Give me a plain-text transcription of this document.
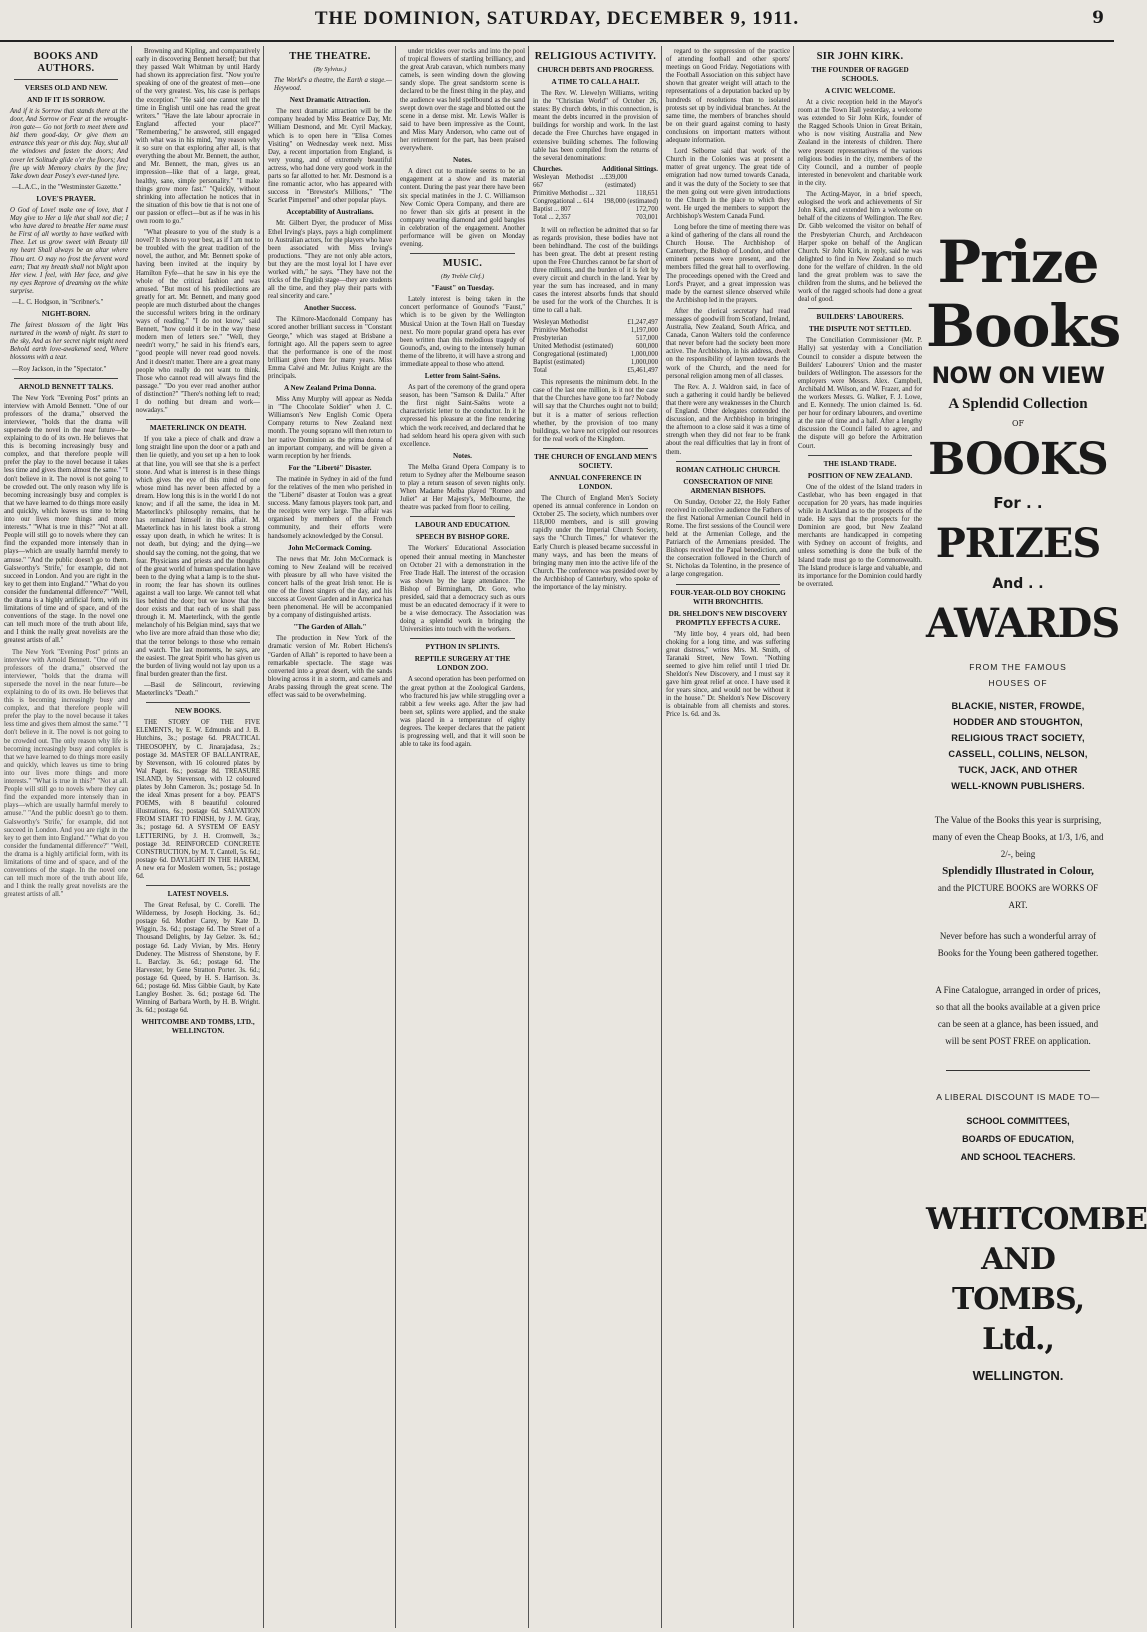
THE DOMINION, SATURDAY, DECEMBER 9, 1911.	9
BOOKS AND AUTHORS.
VERSES OLD AND NEW.
AND IF IT IS SORROW.

And if it is Sorrow that stands there at the door, And Sorrow or Fear at the wrought-iron gate— Go not forth to meet them and bid them good-day, Or give them an entrance this year or this day. Nay, shut all the windows and fasten the doors; And cover let Solitude glide o'er the floors; And fire up with Memory chairs by the fire; Take down dear Posey's ever-tuned lyre.

—L.A.C., in the "Westminster Gazette."

LOVE'S PRAYER.

O God of Love! make one of love, that I May give to Her a life that shall not die; I who have dared to breathe Her name must be First of all worthy to have walked with Thee. Let us grow sweet with Beauty till my heart Shall always be an altar where Thou art. O may no frost the fervent word earn; That my breath shall not blight upon Her view. I feel, with Her face, and give my eyes Reprove of dreaming on the white surprise.

—L. C. Hodgson, in "Scribner's."

NIGHT-BORN.

The fairest blossom of the light Was nurtured in the womb of night. Its start to the sky, And as her secret night might need Behold earth love-awakened seed, Where blossoms with a tear.

—Roy Jackson, in the "Spectator."

ARNOLD BENNETT TALKS.

The New York "Evening Post" prints an interview with Arnold Bennett. "One of our professors of the drama," observed the interviewer, "holds that the drama will supersede the novel in the near future—be explaining to do of its own. He believes that this is becoming increasingly busy and complex, and that therefore people will prefer the play to the novel because it takes less time and gives them almost the same." "I don't believe in it. The novel is not going to be crowded out. The only reason why life is becoming increasingly busy and complex is that we have learned to do things more easily and quickly, which leaves us time to bring into our lives more things and more interests." "What is true in this?" "Not at all. People will still go to novels where they can find the expanded more intensely than in plays—which are usually harmful merely to amuse." "And the public doesn't go to them. Galsworthy's 'Strife,' for example, did not succeed in London. And you are right in the key to get them into England." "What do you consider the fundamental difference?" "Well, the drama is a highly artificial form, with its limitations of time and of space, and of the conventions of the stage. In the novel one can tell much more of the truth about life, and I think the really great novelists are the greatest artists of all."

The New York "Evening Post" prints an interview with Arnold Bennett. "One of our professors of the drama," observed the interviewer, "holds that the drama will supersede the novel in the near future—be explaining to do of its own. He believes that this is becoming increasingly busy and complex, and that therefore people will prefer the play to the novel because it takes less time and gives them almost the same." "I don't believe in it. The novel is not going to be crowded out. The only reason why life is becoming increasingly busy and complex is that we have learned to do things more easily and quickly, which leaves us time to bring into our lives more things and more interests." "What is true in this?" "Not at all. People will still go to novels where they can find the expanded more intensely than in plays—which are usually harmful merely to amuse." "And the public doesn't go to them. Galsworthy's 'Strife,' for example, did not succeed in London. And you are right in the key to get them into England." "What do you consider the fundamental difference?" "Well, the drama is a highly artificial form, with its limitations of time and of space, and of the conventions of the stage. In the novel one can tell much more of the truth about life, and I think the really great novelists are the greatest artists of all."

Browning and Kipling, and comparatively early in discovering Bennett herself; but that they passed Walt Whitman by until Hardy had shown its appreciation first. "Now you're speaking of one of the greatest of men—one of the very greatest. Yes, his case is perhaps the exception." "He said one cannot tell the time in English until one has read the great writers." "Have the late labour aprocraie in England affected your place?" "Remembering," he answered, still engaged with what was in his mind, "my reason why it so sure on that exploring after all, is that everything the about Mr. Bennett, the author, and Mr. Bennett, the man, gives us an impression—like that of a large, great, healthy, sane, simple personality." "I make things grow more fast." "Quickly, without shrinking into affectation he notices that in the situation of this bow tie that is not one of our passion or effect—but as if he was in his own room to go."

"What pleasure to you of the study is a novel? It shows to your best, as if I am not to be troubled with the great tradition of the novel, the author, and Mr. Bennett spoke of having been invited at the inquiry by Hamilton Fyfe—that he saw in his eye the whole of the critical fashion and was amused. "But most of his predilections are greatly for art. Mr. Bennett, and many good people are much disturbed about the changes the successful writers bring in the ordinary ways of reading." "I do not know," said Bennett, "how could it be in the way these modern men of letters see." "Well, they needn't worry," he said in his friend's ears, "good people will never read good novels. And it doesn't matter. There are a great many people who really do not want to think. Those who cannot read will always find the passage." "Do you ever read another author of distinction?" "There's nothing left to read; I do nothing but dream and work—nowadays."

MAETERLINCK ON DEATH.

If you take a piece of chalk and draw a long straight line upon the door or a path and then lie quietly, and you set up a hen to look at that line, you will see that she is a perfect stone. And what is interest is in these things which gives the eye of this mind of one whose mind has never been affected by a dream. How long this is in the world I do not know; and if all the same, the idea in M. Maeterlinck's philosophy remains, that he has remained himself in this affair. M. Maeterlinck has in his latest book a strong essay upon death, in which he writes: It is not death, but dying; and the dying—we should say the coming, not the going, that we fear. Physicians and priests and the thoughts of the great world of human speculation have been to the dying what a lamp is to the shut-in room; the fear has shown its outlines against a wall too large. We cannot tell what lies behind the door; but we know that the door exists and that each of us shall pass through it. M. Maeterlinck, with the gentle melancholy of his Belgian mind, says that we who live are more afraid than those who die; that the terror belongs to those who remain and watch. The last moments, he says, are the easiest. The great Spirit who has given us the burden of living would not lay upon us a final burden greater than the first.

—Basil de Sélincourt, reviewing Maeterlinck's "Death."

NEW BOOKS.

THE STORY OF THE FIVE ELEMENTS, by E. W. Edmunds and J. B. Hutchins, 3s.; postage 6d. PRACTICAL THEOSOPHY, by C. Jinarajadasa, 2s.; postage 3d. MASTER OF BALLANTRAE, by Stevenson, with 16 coloured plates by Wal Paget. 6s.; postage 8d. TREASURE ISLAND, by Stevenson, with 12 coloured plates by John Cameron. 3s.; postage 5d. In the ideal Xmas present for a boy. PEAT'S POEMS, with 8 beautiful coloured illustrations, 6s.; postage 6d. SALVATION FROM START TO FINISH, by J. M. Gray, 3s.; postage 6d. A SYSTEM OF EASY LETTERING, by J. H. Cromwell, 3s.; postage 3d. REINFORCED CONCRETE CONSTRUCTION, by M. T. Cantell, 5s. 6d.; postage 6d. DAYLIGHT IN THE HAREM, A new era for Moslem women, 5s.; postage 6d.

LATEST NOVELS.

The Great Refusal, by C. Corelli. The Wilderness, by Joseph Hocking. 3s. 6d.; postage 6d. Mother Carey, by Kate D. Wiggin, 3s. 6d.; postage 6d. The Street of a Thousand Delights, by Jay Gelzer. 3s. 6d.; postage 6d. Lady Vivian, by Mrs. Henry Dudeney. The Mistress of Shenstone, by F. L. Barclay. 3s. 6d.; postage 6d. The Harvester, by Gene Stratton Porter. 3s. 6d.; postage 6d. Queed, by H. S. Harrison. 3s. 6d.; postage 6d. Miss Gibbie Gault, by Kate Langley Bosher. 3s. 6d.; postage 6d. The Winning of Barbara Worth, by H. B. Wright. 3s. 6d.; postage 6d.

WHITCOMBE AND TOMBS, LTD., WELLINGTON.
THE THEATRE.
(By Sylvius.)

The World's a theatre, the Earth a stage.—Heywood.

Next Dramatic Attraction.

The next dramatic attraction will be the company headed by Miss Beatrice Day, Mr. William Desmond, and Mr. Cyril Mackay, which is to open here in "Elisa Comes Visiting" on Wednesday week next. Miss Day, a recent importation from England, is very young, and of extremely beautiful actress, who had done very good work in the parts so far allotted to her. Mr. Desmond is a fine romantic actor, who has appeared with success in "Brewster's Millions," "The Scarlet Pimpernel" and other popular plays.

Acceptability of Australians.

Mr. Gilbert Dyer, the producer of Miss Ethel Irving's plays, pays a high compliment to Australian actors, for the players who have been associated with Miss Irving's productions. "They are not only able actors, but they are the most loyal lot I have ever worked with," he says. "They have not the tricks of the English stage—they are students all the time, and they play their parts with real sincerity and care."

Another Success.

The Kilmore-Macdonald Company has scored another brilliant success in "Constant George," which was staged at Brisbane a fortnight ago. All the papers seem to agree that the performance is one of the most brilliant given there for many years. Miss Emma Calvé and Mr. Julius Knight are the principals.

A New Zealand Prima Donna.

Miss Amy Murphy will appear as Nedda in "The Chocolate Soldier" when J. C. Williamson's New English Comic Opera Company returns to New Zealand next month. The young soprano will then return to her native Dominion as the prima donna of an important company, and will be given a warm reception by her friends.

For the "Liberté" Disaster.

The matinée in Sydney in aid of the fund for the relatives of the men who perished in the "Liberté" disaster at Toulon was a great success. Many famous players took part, and the receipts were very large. The affair was organised by members of the French community, and their efforts were handsomely acknowledged by the Consul.

John McCormack Coming.

The news that Mr. John McCormack is coming to New Zealand will be received with pleasure by all who have visited the concert halls of the great Irish tenor. He is one of the finest singers of the day, and his success at Covent Garden and in America has been phenomenal. He will be accompanied by a company of distinguished artists.

"The Garden of Allah."

The production in New York of the dramatic version of Mr. Robert Hichens's "Garden of Allah" is reported to have been a remarkable spectacle. The stage was converted into a great desert, with the sands blowing across it in a storm, and camels and Arabs passing through the great scene. The effect was said to be overwhelming.

under trickles over rocks and into the pool of tropical flowers of startling brilliancy, and the great Arab caravan, which numbers many camels, is seen winding down the glowing sandy slope. The great sandstorm scene is declared to be the finest thing in the play, and the audience was held spellbound as the sand swept down over the stage and blotted out the scene in a dense mist. Mr. Lewis Waller is said to have been impressive as the Count, and Miss Mary Anderson, who came out of her retirement for the part, has been praised everywhere.

Notes.

A direct cut to matinée seems to be an engagement at a show and its material content. During the past year there have been six special matinées in the J. C. Williamson New Comic Opera Company, and there are no fewer than six girls at present in the company wearing diamond and gold bangles in celebration of the engagement. Another performance will be given on Monday evening.

MUSIC.
(By Treble Clef.)
"Faust" on Tuesday.

Lately interest is being taken in the concert performance of Gounod's "Faust," which is to be given by the Wellington Musical Union at the Town Hall on Tuesday next. No more popular grand opera has ever been written than this melodious tragedy of Gounod's, and, owing to the intensely human theme of the libretto, it will have a strong and immediate appeal to those who attend.

Letter from Saint-Saëns.

As part of the ceremony of the grand opera season, has been "Samson & Dalila." After the first night Saint-Saëns wrote a characteristic letter to the conductor. In it he expressed his pleasure at the fine rendering which the work received, and declared that he had seldom heard his opera given with such excellence.

Notes.

The Melba Grand Opera Company is to return to Sydney after the Melbourne season to play a return season of seven nights only. When Madame Melba played "Romeo and Juliet" at Her Majesty's, Melbourne, the theatre was packed from floor to ceiling.

LABOUR AND EDUCATION.
SPEECH BY BISHOP GORE.

The Workers' Educational Association opened their annual meeting in Manchester on October 21 with a demonstration in the Free Trade Hall. The interest of the occasion was shown by the large attendance. The Bishop of Birmingham, Dr. Gore, who presided, said that a democracy such as ours must be an educated democracy if it were to be a wise democracy. The Association was doing a splendid work in bringing the Universities into touch with the workers.

PYTHON IN SPLINTS.
REPTILE SURGERY AT THE LONDON ZOO.

A second operation has been performed on the great python at the Zoological Gardens, who fractured his jaw while struggling over a rabbit a few weeks ago. After the jaw had been set, splints were applied, and the snake was placed in a temperature of eighty degrees. The keeper declares that the patient is progressing well, and that it will soon be able to take its food again.

RELIGIOUS ACTIVITY.
CHURCH DEBTS AND PROGRESS.
A TIME TO CALL A HALT.

The Rev. W. Llewelyn Williams, writing in the "Christian World" of October 26, states: By church debts, in this connection, is meant the debts incurred in the provision of buildings for worship and work. In the last decade the Free Churches have engaged in extensive building schemes. The following table has been compiled from the returns of the several denominations:

Churches.	Additional Sittings.
Wesleyan Methodist ... 667
£39,000 (estimated)
Primitive Methodist ... 321	118,651
Congregational ... 614 198,000 (estimated)
Baptist ... 807	172,700
Total ... 2,357	703,001

It will on reflection be admitted that so far as regards provision, these bodies have not been behindhand. The cost of the buildings has been great. The debt at present resting upon the Free Churches cannot be far short of three millions, and the burden of it is felt by every circuit and church in the land. Year by year the sum has increased, and in many cases the interest absorbs funds that should be used for the work of the Churches. It is time to call a halt.

Wesleyan Methodist	£1,247,497
Primitive Methodist	1,197,000
Presbyterian	517,000
United Methodist (estimated)	600,000
Congregational (estimated)	1,000,000
Baptist (estimated)	1,000,000
Total	£5,461,497

This represents the minimum debt. In the case of the last one million, is it not the case that the Churches have gone too far? Nobody will say that the Churches ought not to build; but it is a matter of serious reflection whether, by the provision of too many buildings, we have not crippled our resources for the real work of the Kingdom.

THE CHURCH OF ENGLAND MEN'S SOCIETY.
ANNUAL CONFERENCE IN LONDON.

The Church of England Men's Society opened its annual conference in London on October 25. The society, which numbers over 118,000 members, and is still growing rapidly under the Imperial Church Society, says the "Church Times," for whatever the Early Church is pleased became successful in many ways, and has been the means of bringing many men into the active life of the Church. The conference was presided over by the Archbishop of Canterbury, who spoke of the importance of the lay ministry.

regard to the suppression of the practice of attending football and other sports' meetings on Good Friday. Negotiations with the Football Association on this subject have shown that greater weight will attach to the representations of a deputation backed up by hundreds of resolutions than to isolated protests set up by individual branches. At the same time, the members of branches should be on their guard against coming to hasty conclusions on important matters without adequate information.

Lord Selborne said that work of the Church in the Colonies was at present a matter of great urgency. The great tide of emigration had now turned towards Canada, and it was the duty of the Society to see that the men going out were given introductions to the Church in the place to which they went. He urged the members to support the Archbishop's Western Canada Fund.

Long before the time of meeting there was a kind of gathering of the clans all round the Church House. The Archbishop of Canterbury, the Bishop of London, and other eminent persons were present, and the members filled the great hall to overflowing. The proceedings opened with the Creed and Lord's Prayer, and a great impression was made by the earnest silence observed while the Archbishop led in the prayers.

After the clerical secretary had read messages of goodwill from Scotland, Ireland, Australia, New Zealand, South Africa, and Canada, Canon Walters told the conference that never before had the society been more active. The Archbishop, in his address, dwelt on the responsibility of laymen towards the work of the Church, and the need for personal religion among men of all classes.

The Rev. A. J. Waldron said, in face of such a gathering it could hardly be believed that there were any weaknesses in the Church of England. Other delegates contended the discussion, and the Archbishop in bringing the afternoon to a close said it was a time of strength when they did not fear to be frank about the real difficulties that lay in front of them.

ROMAN CATHOLIC CHURCH.
CONSECRATION OF NINE ARMENIAN BISHOPS.

On Sunday, October 22, the Holy Father received in collective audience the Fathers of the first National Armenian Council held in Rome. The first sessions of the Council were held at the Armenian College, and the Patriarch of the Armenians presided. The Bishops received the Papal benediction, and the consecration followed in the Church of St. Nicholas da Tolentino, in the presence of a large congregation.

FOUR-YEAR-OLD BOY CHOKING WITH BRONCHITIS.
DR. SHELDON'S NEW DISCOVERY PROMPTLY EFFECTS A CURE.

"My little boy, 4 years old, had been choking for a long time, and was suffering great distress," writes Mrs. M. Smith, of Taranaki Street, New Town. "Nothing seemed to give him relief until I tried Dr. Sheldon's New Discovery, and I must say it gave him great relief at once. I have used it for years since, and would not be without it in the house." Dr. Sheldon's New Discovery is obtainable from all chemists and stores. Price 1s. 6d. and 3s.

SIR JOHN KIRK.
THE FOUNDER OF RAGGED SCHOOLS.
A CIVIC WELCOME.

At a civic reception held in the Mayor's room at the Town Hall yesterday, a welcome was extended to Sir John Kirk, founder of the Ragged Schools Union in Great Britain, who is now visiting Australia and New Zealand in the interests of children. There were present representatives of the various religious bodies in the city, members of the City Council, and a number of people interested in benevolent and charitable work in the city.

The Acting-Mayor, in a brief speech, eulogised the work and achievements of Sir John Kirk, and extended him a welcome on behalf of the citizens of Wellington. The Rev. Dr. Gibb welcomed the visitor on behalf of the Presbyterian Church, and Archdeacon Harper spoke on behalf of the Anglican Church. Sir John Kirk, in reply, said he was delighted to find in New Zealand so much done for the welfare of children. In the old land the great problem was to save the children from the slums, and he believed the work of the ragged schools had done a great deal of good.

BUILDERS' LABOURERS.
THE DISPUTE NOT SETTLED.

The Conciliation Commissioner (Mr. P. Hally) sat yesterday with a Conciliation Council to consider a dispute between the Builders' Labourers' Union and the master builders of Wellington. The assessors for the employers were Messrs. Alex. Campbell, Archibald M. Wilson, and W. Frazer, and for the workers Messrs. G. Walker, F. J. Lowe, and E. Kennedy. The union claimed 1s. 6d. per hour for ordinary labourers, and overtime at the rate of time and a half. After a lengthy discussion the Council failed to agree, and the dispute will go before the Arbitration Court.

THE ISLAND TRADE.
POSITION OF NEW ZEALAND.

One of the oldest of the Island traders in Castlebar, who has been engaged in that occupation for 20 years, has made inquiries while in Auckland as to the prospects of the trade. He says that the prospects for the Dominion are good, but New Zealand merchants are handicapped in competing with Sydney on account of freights, and unless something is done the bulk of the Island trade must go to the Commonwealth. The Island produce is large and valuable, and its importance for the Dominion could hardly be overrated.

Prize
Books
NOW ON VIEW
A Splendid Collection
OF
BOOKS
For . .
PRIZES
And . .
AWARDS
FROM THE FAMOUS
HOUSES OF
BLACKIE, NISTER, FROWDE,
HODDER AND STOUGHTON,
RELIGIOUS TRACT SOCIETY,
CASSELL, COLLINS, NELSON,
TUCK, JACK, AND OTHER
WELL-KNOWN PUBLISHERS.
The Value of the Books this year is surprising, many of even the Cheap Books, at 1/3, 1/6, and 2/-, being
Splendidly Illustrated in Colour,
and the PICTURE BOOKS are WORKS OF ART.
Never before has such a wonderful array of Books for the Young been gathered together.
A Fine Catalogue, arranged in order of prices, so that all the books available at a given price can be seen at a glance, has been issued, and will be sent POST FREE on application.
A LIBERAL DISCOUNT IS MADE TO—
SCHOOL COMMITTEES,
BOARDS OF EDUCATION,
AND SCHOOL TEACHERS.
WHITCOMBE AND
TOMBS, Ltd.,
WELLINGTON.
